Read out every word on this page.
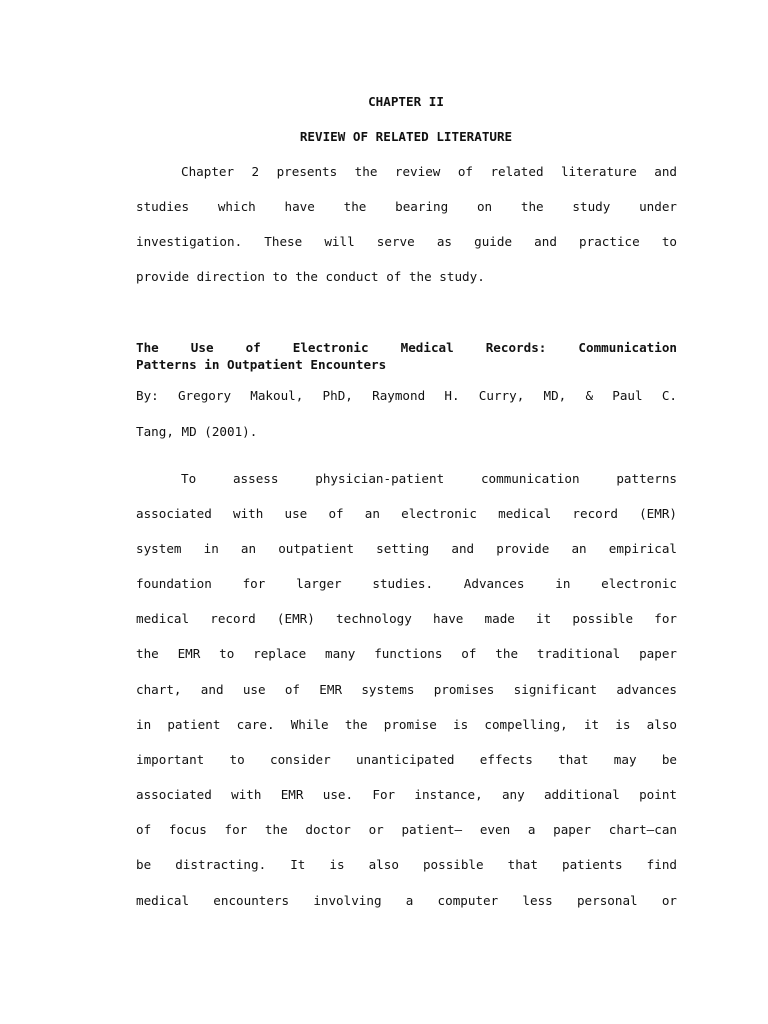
CHAPTER II

REVIEW OF RELATED LITERATURE

Chapter 2 presents the review of related literature and

studies which have the bearing on the study under

investigation. These will serve as guide and practice to

provide direction to the conduct of the study.

The Use of Electronic Medical Records: Communication

Patterns in Outpatient Encounters

By: Gregory Makoul, PhD, Raymond H. Curry, MD, & Paul C.

Tang, MD (2001).

To assess physician-patient communication patterns

associated with use of an electronic medical record (EMR)

system in an outpatient setting and provide an empirical

foundation for larger studies. Advances in electronic

medical record (EMR) technology have made it possible for

the EMR to replace many functions of the traditional paper

chart, and use of EMR systems promises significant advances

in patient care. While the promise is compelling, it is also

important to consider unanticipated effects that may be

associated with EMR use. For instance, any additional point

of focus for the doctor or patient— even a paper chart—can

be distracting. It is also possible that patients find

medical encounters involving a computer less personal or
